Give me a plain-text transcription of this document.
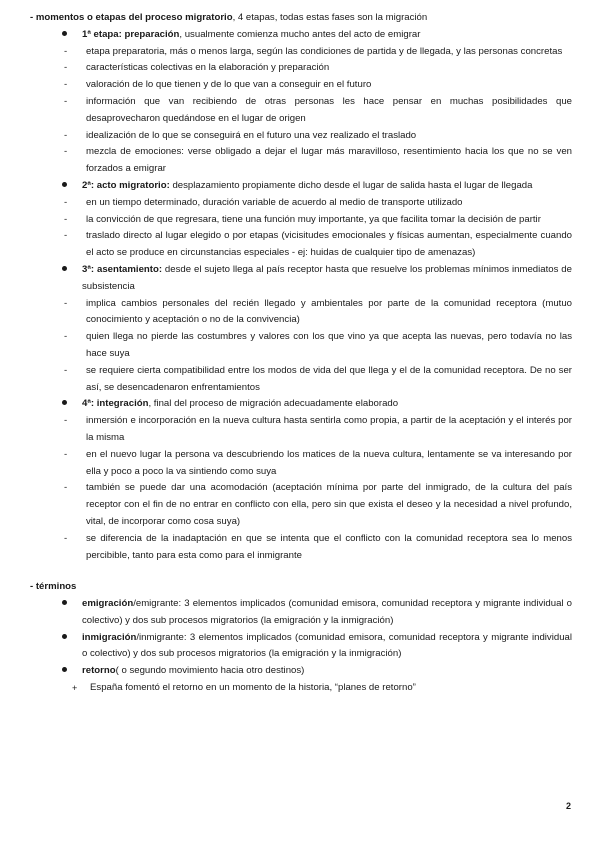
- momentos o etapas del proceso migratorio, 4 etapas, todas estas fases son la migración

1ª etapa: preparación, usualmente comienza mucho antes del acto de emigrar

- etapa preparatoria, más o menos larga, según las condiciones de partida y de llegada, y las personas concretas
- características colectivas en la elaboración y preparación
- valoración de lo que tienen y de lo que van a conseguir en el futuro
- información que van recibiendo de otras personas les hace pensar en muchas posibilidades que desaprovecharon quedándose en el lugar de origen
- idealización de lo que se conseguirá en el futuro una vez realizado el traslado
- mezcla de emociones: verse obligado a dejar el lugar más maravilloso, resentimiento hacia los que no se ven forzados a emigrar

2ª: acto migratorio: desplazamiento propiamente dicho desde el lugar de salida hasta el lugar de llegada

- en un tiempo determinado, duración variable de acuerdo al medio de transporte utilizado
- la convicción de que regresara, tiene una función muy importante, ya que facilita tomar la decisión de partir
- traslado directo al lugar elegido o por etapas (vicisitudes emocionales y físicas aumentan, especialmente cuando el acto se produce en circunstancias especiales - ej: huidas de cualquier tipo de amenazas)

3ª: asentamiento: desde el sujeto llega al país receptor hasta que resuelve los problemas mínimos inmediatos de subsistencia

- implica cambios personales del recién llegado y ambientales por parte de la comunidad receptora (mutuo conocimiento y aceptación o no de la convivencia)
- quien llega no pierde las costumbres y valores con los que vino ya que acepta las nuevas, pero todavía no las hace suya
- se requiere cierta compatibilidad entre los modos de vida del que llega y el de la comunidad receptora. De no ser así, se desencadenaron enfrentamientos

4ª: integración, final del proceso de migración adecuadamente elaborado

- inmersión e incorporación en la nueva cultura hasta sentirla como propia, a partir de la aceptación y el interés por la misma
- en el nuevo lugar la persona va descubriendo los matices de la nueva cultura, lentamente se va interesando por ella y poco a poco la va sintiendo como suya
- también se puede dar una acomodación (aceptación mínima por parte del inmigrado, de la cultura del país receptor con el fin de no entrar en conflicto con ella, pero sin que exista el deseo y la necesidad a nivel profundo, vital, de incorporar como cosa suya)
- se diferencia de la inadaptación en que se intenta que el conflicto con la comunidad receptora sea lo menos percibible, tanto para esta como para el inmigrante

- términos

emigración/emigrante: 3 elementos implicados (comunidad emisora, comunidad receptora y migrante individual o colectivo) y dos sub procesos migratorios (la emigración y la inmigración)

inmigración/inmigrante: 3 elementos implicados (comunidad emisora, comunidad receptora y migrante individual o colectivo) y dos sub procesos migratorios (la emigración y la inmigración)

retorno( o segundo movimiento hacia otro destinos)

+ España fomentó el retorno en un momento de la historia, “planes de retorno”
2
